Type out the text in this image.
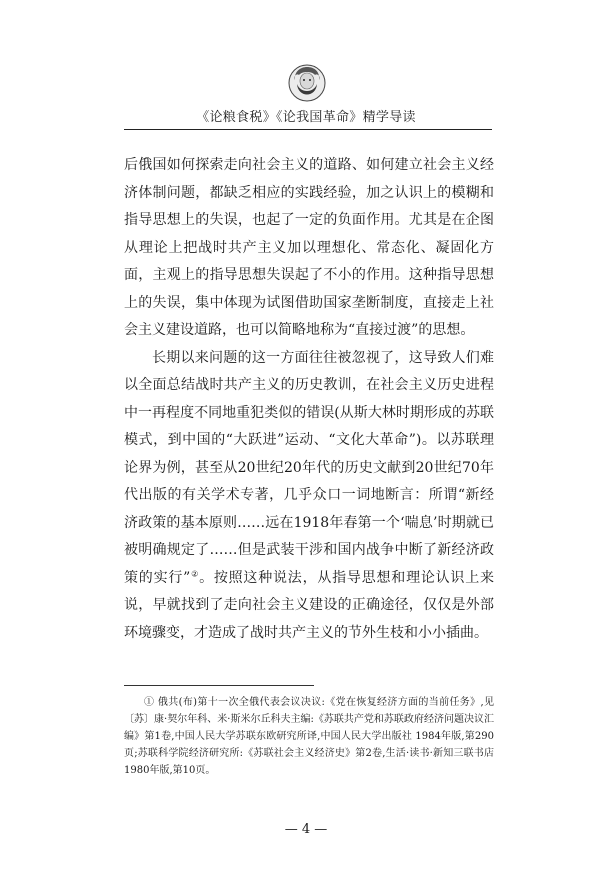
《论粮食税》《论我国革命》精学导读

后俄国如何探索走向社会主义的道路、如何建立社会主义经济体制问题，都缺乏相应的实践经验，加之认识上的模糊和指导思想上的失误，也起了一定的负面作用。尤其是在企图从理论上把战时共产主义加以理想化、常态化、凝固化方面，主观上的指导思想失误起了不小的作用。这种指导思想上的失误，集中体现为试图借助国家垄断制度，直接走上社会主义建设道路，也可以简略地称为“直接过渡”的思想。

长期以来问题的这一方面往往被忽视了，这导致人们难以全面总结战时共产主义的历史教训，在社会主义历史进程中一再程度不同地重犯类似的错误(从斯大林时期形成的苏联模式，到中国的“大跃进”运动、“文化大革命”)。以苏联理论界为例，甚至从20世纪20年代的历史文献到20世纪70年代出版的有关学术专著，几乎众口一词地断言：所谓“新经济政策的基本原则……远在1918年春第一个‘喘息’时期就已被明确规定了……但是武装干涉和国内战争中断了新经济政策的实行”②。按照这种说法，从指导思想和理论认识上来说，早就找到了走向社会主义建设的正确途径，仅仅是外部环境骤变，才造成了战时共产主义的节外生枝和小小插曲。

① 俄共(布)第十一次全俄代表会议决议:《党在恢复经济方面的当前任务》,见〔苏〕康·契尔年科、米·斯米尔丘科夫主编:《苏联共产党和苏联政府经济问题决议汇编》第1卷,中国人民大学苏联东欧研究所译,中国人民大学出版社 1984年版,第290页;苏联科学院经济研究所:《苏联社会主义经济史》第2卷,生活·读书·新知三联书店1980年版,第10页。
— 4 —
